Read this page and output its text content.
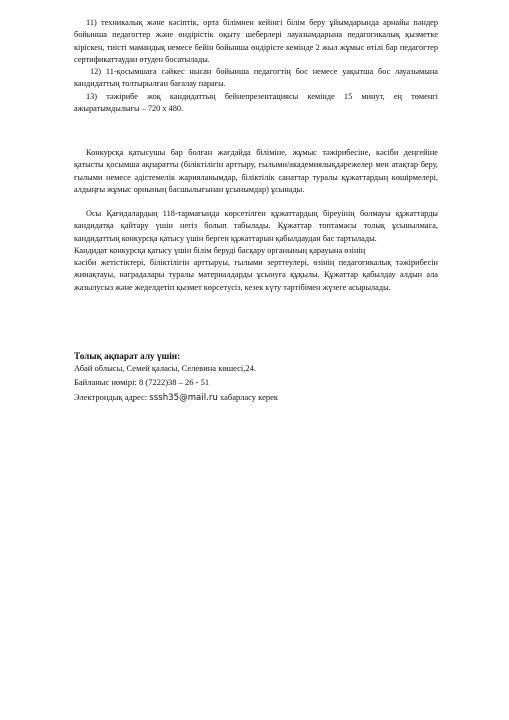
11) техникалық және кәсіптік, орта білімнен кейінгі білім беру ұйымдарында арнайы пәндер бойынша педагогтер және өндірістік оқыту шеберлері лауазымдарына педагогикалық қызметке кіріскен, тиісті мамандық немесе бейін бойынша өндірісте кемінде 2 жыл жұмыс өтілі бар педагогтер сертификаттаудан өтуден босатылады.

12) 11-қосымшаға сәйкес нысан бойынша педагогтің бос немесе уақытша бос лауазымына кандидаттың толтырылған бағалау парағы.

13) тәжірибе жоқ кандидаттың бейнепрезентациясы кемінде 15 минут, ең төменгі ажыратымдылығы – 720 х 480.

Конкурсқа қатысушы бар болған жағдайда біліміне, жұмыс тәжірибесіне, кәсіби деңгейіне қатысты қосымша ақпаратты (біліктілігін арттыру, ғылыми/академиялықдәрежелер мен атақтар беру, ғылыми немесе әдістемелік жарияланымдар, біліктілік санаттар туралы құжаттардың көшірмелері, алдыңғы жұмыс орнының басшылығынан ұсынымдар) ұсынады.

Осы Қағидалардың 118-тармағында көрсетілген құжаттардың біреуінің болмауы құжаттарды кандидатқа қайтару үшін негіз болып табылады. Құжаттар топтамасы толық ұсынылмаса, кандидаттың конкурсқа қатысу үшін берген құжаттарын қабылдаудан бас тартылады.

Кандидат конкурсқа қатысу үшін білім беруді басқару органының қарауына өзінің

кәсіби жетістіктері, біліктілігін арттыруы, ғылыми зерттеулері, өзінің педагогикалық тәжірибесін жинақтауы, наградалары туралы материалдарды ұсынуға құқылы. Құжаттар қабылдау алдын ала жазылусыз және жеделдетіп қызмет көрсетусіз, кезек күту тәртібімен жүзеге асырылады.

Толық ақпарат алу үшін:

Абай облысы, Семей қаласы, Селевина көшесі,24.

Байланыс нөмірі: 8 (7222)38 – 26 - 51

Электрондық адрес: sssh35@mail.ru хабарласу керек
